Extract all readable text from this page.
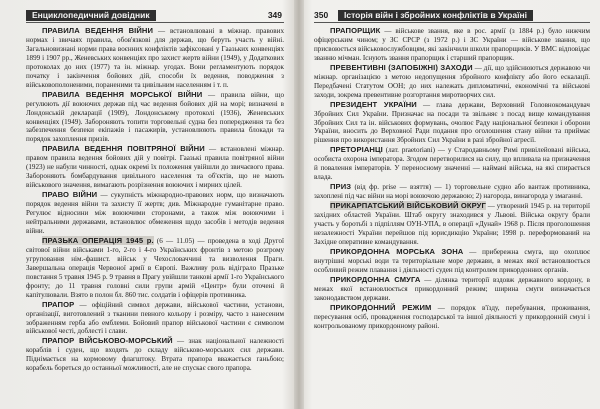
Енциклопедичний довідник	349

ПРАВИЛА ВЕДЕННЯ ВІЙНИ — встановлювані в міжнар. правових нормах і звичаях правила, обов'язкові для держав, що беруть участь у війні. Загальновизнані норми права воєнних конфліктів зафіксовані у Гаазьких конвенціях 1899 і 1907 рр., Женевських конвенціях про захист жертв війни (1949), у Додаткових протоколах до них (1977) та ін. міжнар. угодах. Вони регламентують порядок початку і закінчення бойових дій, способи їх ведення, поводження з військовополоненими, пораненими та цивільним населенням і т. п.

ПРАВИЛА ВЕДЕННЯ МОРСЬКОЇ ВІЙНИ — правила війни, що регулюють дії воюючих держав під час ведення бойових дій на морі; визначені в Лондонській декларації (1909), Лондонському протоколі (1936), Женевських конвенціях (1949). Забороняють топити торговельні судна без попередження та без забезпечення безпеки екіпажів і пасажирів, установлюють правила блокади та порядок захоплення призів.

ПРАВИЛА ВЕДЕННЯ ПОВІТРЯНОЇ ВІЙНИ — встановлені міжнар. правом правила ведення бойових дій у повітрі. Гаазькі правила повітряної війни (1923) не набули чинності, однак окремі їх положення увійшли до звичаєвого права. Забороняють бомбардування цивільного населення та об'єктів, що не мають військового значення, вимагають розрізнення воюючих і мирних цілей.

ПРАВО ВІЙНИ — сукупність міжнародно-правових норм, що визначають порядок ведення війни та захисту її жертв; див. Міжнародне гуманітарне право. Регулює відносини між воюючими сторонами, а також між воюючими і нейтральними державами, встановлює обмеження щодо засобів і методів ведення війни.

ПРАЗЬКА ОПЕРАЦІЯ 1945 р. (6 — 11.05) — проведена в ході Другої світової війни військами 1-го, 2-го і 4-го Українських фронтів з метою розгрому угруповання нім.-фашист. військ у Чехословаччині та визволення Праги. Завершальна операція Червоної армії в Європі. Важливу роль відіграло Празьке повстання 5 травня 1945 р. 9 травня в Прагу увійшли танкові армії 1-го Українського фронту; до 11 травня головні сили групи армій «Центр» були оточені й капітулювали. Взято в полон бл. 860 тис. солдатів і офіцерів противника.

ПРАПОР — офіційний символ держави, військової частини, установи, організації, виготовлений з тканини певного кольору і розміру, часто з нанесеним зображенням герба або емблеми. Бойовий прапор військової частини є символом військової честі, доблесті і слави.

ПРАПОР ВІЙСЬКОВО-МОРСЬКИЙ — знак національної належності кораблів і суден, що входять до складу військово-морських сил держави. Піднімається на кормовому флагштоку. Втрата прапора вважається ганьбою; корабель бореться до останньої можливості, але не спускає свого прапора.

350	Історія війн і збройних конфліктів в Україні

ПРАПОРЩИК — військове звання, яке в рос. армії (з 1884 р.) було нижчим офіцерським чином; у ЗС СРСР (з 1972 р.) і ЗС України — військове звання, що присвоюється військовослужбовцям, які закінчили школи прапорщиків. У ВМС відповідає званню мічман. Існують звання прапорщик і старший прапорщик.

ПРЕВЕНТИВНІ (ЗАПОБІЖНІ) ЗАХОДИ — дії, що здійснюються державою чи міжнар. організацією з метою недопущення збройного конфлікту або його ескалації. Передбачені Статутом ООН; до них належать дипломатичні, економічні та військові заходи, зокрема превентивне розгортання миротворчих сил.

ПРЕЗИДЕНТ УКРАЇНИ — глава держави, Верховний Головнокомандувач Збройних Сил України. Призначає на посади та звільняє з посад вище командування Збройних Сил та ін. військових формувань, очолює Раду національної безпеки і оборони України, вносить до Верховної Ради подання про оголошення стану війни та приймає рішення про використання Збройних Сил України в разі збройної агресії.

ПРЕТОРІАНЦІ (лат. praetoriani) — у Стародавньому Римі привілейовані війська, особиста охорона імператора. Згодом перетворилися на силу, що впливала на призначення й повалення імператорів. У переносному значенні — наймані війська, на які спирається влада.

ПРИЗ (від фр. prise — взяття) — 1) торговельне судно або вантаж противника, захоплені під час війни на морі воюючою державою; 2) нагорода, винагорода у змаганні.

ПРИКАРПАТСЬКИЙ ВІЙСЬКОВИЙ ОКРУГ — утворений 1945 р. на території західних областей України. Штаб округу знаходився у Львові. Війська округу брали участь у боротьбі з підпіллям ОУН-УПА, в операції «Дунай» 1968 р. Після проголошення незалежності України перейшов під юрисдикцію України; 1998 р. переформований на Західне оперативне командування.

ПРИКОРДОННА МОРСЬКА ЗОНА — прибережна смуга, що охоплює внутрішні морські води та територіальне море держави, в межах якої встановлюється особливий режим плавання і діяльності суден під контролем прикордонних органів.

ПРИКОРДОННА СМУГА — ділянка території вздовж державного кордону, в межах якої встановлюється прикордонний режим; ширина смуги визначається законодавством держави.

ПРИКОРДОННИЙ РЕЖИМ — порядок в'їзду, перебування, проживання, пересування осіб, провадження господарської та іншої діяльності у прикордонній смузі і контрольованому прикордонному районі.
